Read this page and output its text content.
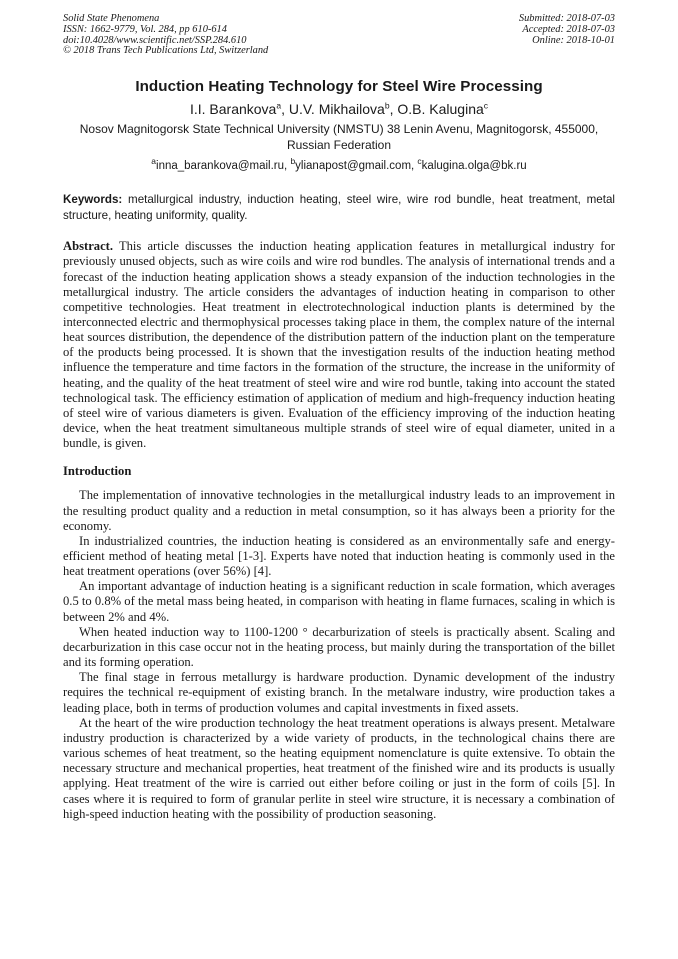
Solid State Phenomena
ISSN: 1662-9779, Vol. 284, pp 610-614
doi:10.4028/www.scientific.net/SSP.284.610
© 2018 Trans Tech Publications Ltd, Switzerland
Submitted: 2018-07-03
Accepted: 2018-07-03
Online: 2018-10-01
Induction Heating Technology for Steel Wire Processing
I.I. Barankova$^a$, U.V. Mikhailova$^b$, O.B. Kalugina$^c$
Nosov Magnitogorsk State Technical University (NMSTU) 38 Lenin Avenu, Magnitogorsk, 455000, Russian Federation
$^a$inna_barankova@mail.ru, $^b$ylianapost@gmail.com, $^c$kalugina.olga@bk.ru
Keywords: metallurgical industry, induction heating, steel wire, wire rod bundle, heat treatment, metal structure, heating uniformity, quality.
Abstract. This article discusses the induction heating application features in metallurgical industry for previously unused objects, such as wire coils and wire rod bundles. The analysis of international trends and a forecast of the induction heating application shows a steady expansion of the induction technologies in the metallurgical industry. The article considers the advantages of induction heating in comparison to other competitive technologies. Heat treatment in electrotechnological induction plants is determined by the interconnected electric and thermophysical processes taking place in them, the complex nature of the internal heat sources distribution, the dependence of the distribution pattern of the induction plant on the temperature of the products being processed. It is shown that the investigation results of the induction heating method influence the temperature and time factors in the formation of the structure, the increase in the uniformity of heating, and the quality of the heat treatment of steel wire and wire rod buntle, taking into account the stated technological task. The efficiency estimation of application of medium and high-frequency induction heating of steel wire of various diameters is given. Evaluation of the efficiency improving of the induction heating device, when the heat treatment simultaneous multiple strands of steel wire of equal diameter, united in a bundle, is given.
Introduction

The implementation of innovative technologies in the metallurgical industry leads to an improvement in the resulting product quality and a reduction in metal consumption, so it has always been a priority for the economy.

In industrialized countries, the induction heating is considered as an environmentally safe and energy-efficient method of heating metal [1-3]. Experts have noted that induction heating is commonly used in the heat treatment operations (over 56%) [4].

An important advantage of induction heating is a significant reduction in scale formation, which averages 0.5 to 0.8% of the metal mass being heated, in comparison with heating in flame furnaces, scaling in which is between 2% and 4%.

When heated induction way to 1100-1200 ° decarburization of steels is practically absent. Scaling and decarburization in this case occur not in the heating process, but mainly during the transportation of the billet and its forming operation.

The final stage in ferrous metallurgy is hardware production. Dynamic development of the industry requires the technical re-equipment of existing branch. In the metalware industry, wire production takes a leading place, both in terms of production volumes and capital investments in fixed assets.

At the heart of the wire production technology the heat treatment operations is always present. Metalware industry production is characterized by a wide variety of products, in the technological chains there are various schemes of heat treatment, so the heating equipment nomenclature is quite extensive. To obtain the necessary structure and mechanical properties, heat treatment of the finished wire and its products is usually applying. Heat treatment of the wire is carried out either before coiling or just in the form of coils [5]. In cases where it is required to form of granular perlite in steel wire structure, it is necessary a combination of high-speed induction heating with the possibility of production seasoning.
